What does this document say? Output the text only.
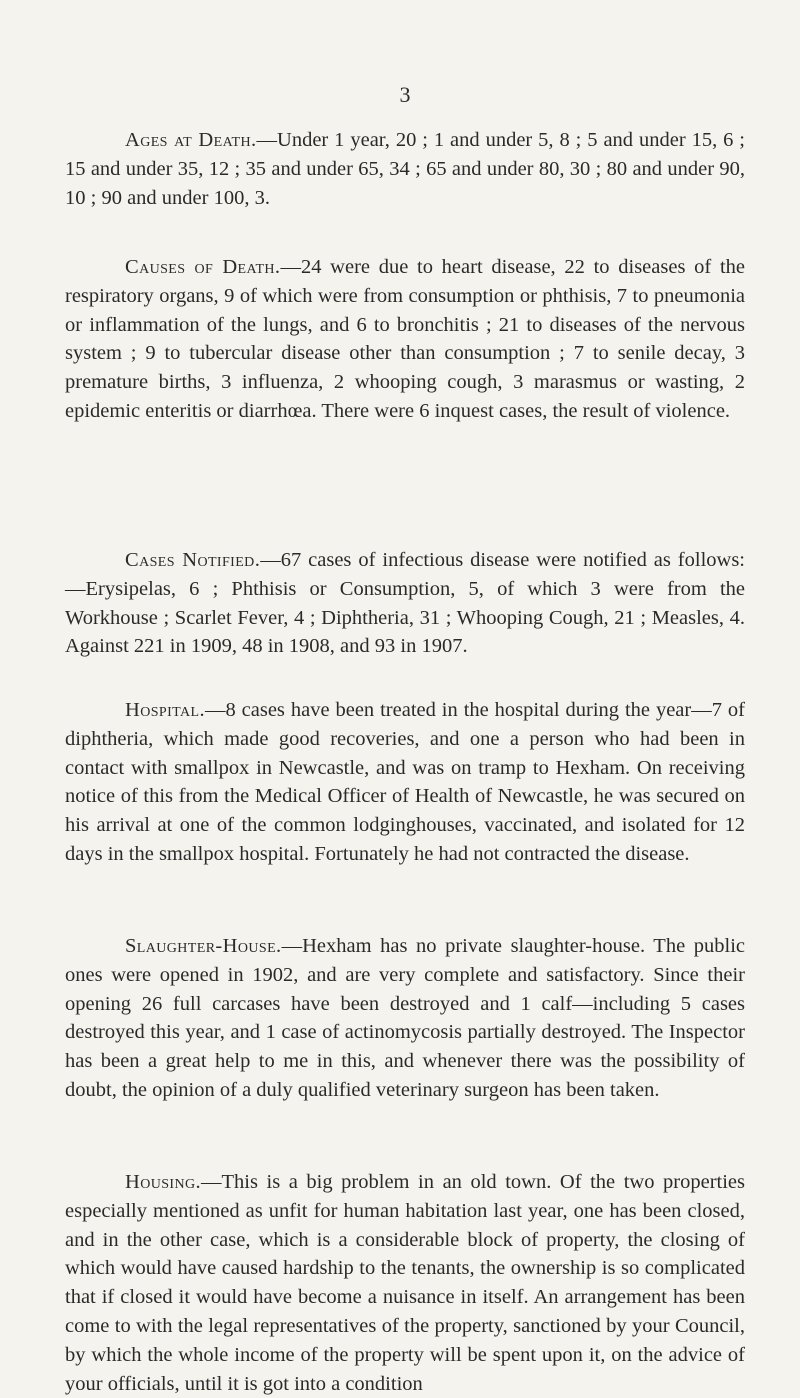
3

Ages at Death.—Under 1 year, 20 ; 1 and under 5, 8 ; 5 and under 15, 6 ; 15 and under 35, 12 ; 35 and under 65, 34 ; 65 and under 80, 30 ; 80 and under 90, 10 ; 90 and under 100, 3.

Causes of Death.—24 were due to heart disease, 22 to diseases of the respiratory organs, 9 of which were from consumption or phthisis, 7 to pneumonia or inflammation of the lungs, and 6 to bronchitis ; 21 to diseases of the nervous system ; 9 to tubercular disease other than consumption ; 7 to senile decay, 3 premature births, 3 influenza, 2 whooping cough, 3 marasmus or wasting, 2 epidemic enteritis or diarrhœa. There were 6 inquest cases, the result of violence.

Cases Notified.—67 cases of infectious disease were notified as follows:—Erysipelas, 6 ; Phthisis or Consumption, 5, of which 3 were from the Workhouse ; Scarlet Fever, 4 ; Diphtheria, 31 ; Whooping Cough, 21 ; Measles, 4. Against 221 in 1909, 48 in 1908, and 93 in 1907.

Hospital.—8 cases have been treated in the hospital during the year—7 of diphtheria, which made good recoveries, and one a person who had been in contact with smallpox in Newcastle, and was on tramp to Hexham. On receiving notice of this from the Medical Officer of Health of Newcastle, he was secured on his arrival at one of the common lodginghouses, vaccinated, and isolated for 12 days in the smallpox hospital. Fortunately he had not contracted the disease.

Slaughter-House.—Hexham has no private slaughter-house. The public ones were opened in 1902, and are very complete and satisfactory. Since their opening 26 full carcases have been destroyed and 1 calf—including 5 cases destroyed this year, and 1 case of actinomycosis partially destroyed. The Inspector has been a great help to me in this, and whenever there was the possibility of doubt, the opinion of a duly qualified veterinary surgeon has been taken.

Housing.—This is a big problem in an old town. Of the two properties especially mentioned as unfit for human habitation last year, one has been closed, and in the other case, which is a considerable block of property, the closing of which would have caused hardship to the tenants, the ownership is so complicated that if closed it would have become a nuisance in itself. An arrangement has been come to with the legal representatives of the property, sanctioned by your Council, by which the whole income of the property will be spent upon it, on the advice of your officials, until it is got into a condition
